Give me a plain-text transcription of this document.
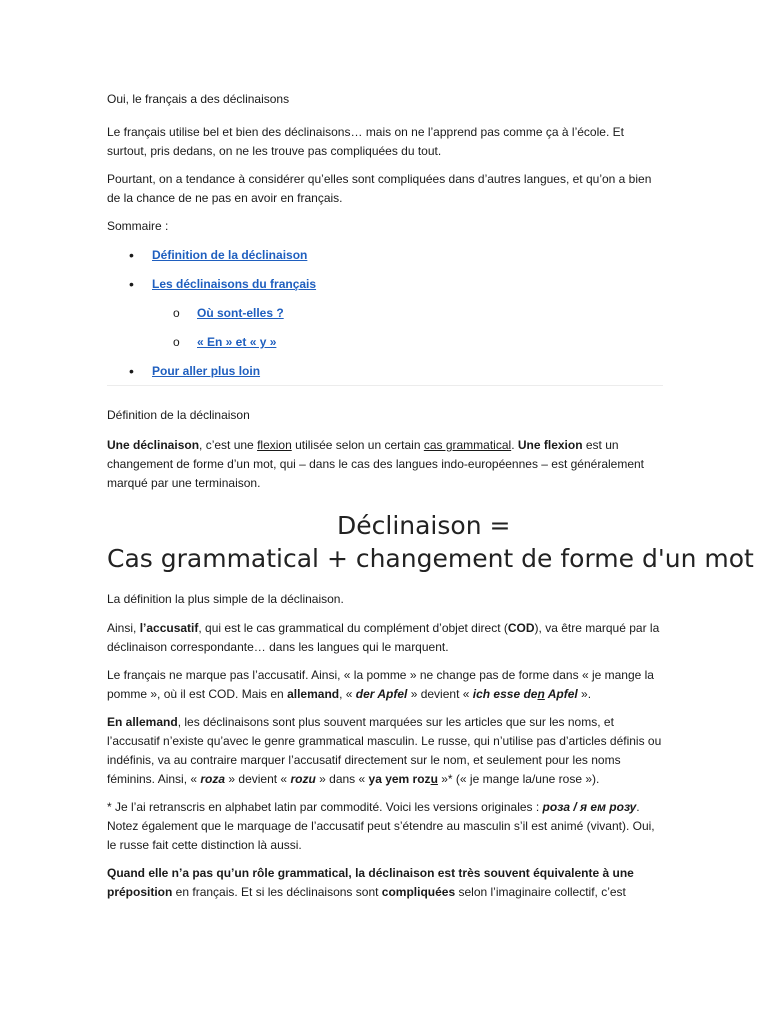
Oui, le français a des déclinaisons

Le français utilise bel et bien des déclinaisons… mais on ne l’apprend pas comme ça à l’école. Et surtout, pris dedans, on ne les trouve pas compliquées du tout.

Pourtant, on a tendance à considérer qu’elles sont compliquées dans d’autres langues, et qu’on a bien de la chance de ne pas en avoir en français.

Sommaire :

• Définition de la déclinaison
• Les déclinaisons du français
o Où sont-elles ?
o « En » et « y »
• Pour aller plus loin

Définition de la déclinaison

Une déclinaison, c’est une flexion utilisée selon un certain cas grammatical. Une flexion est un changement de forme d’un mot, qui – dans le cas des langues indo-européennes – est généralement marqué par une terminaison.

Déclinaison =
Cas grammatical + changement de forme d'un mot

La définition la plus simple de la déclinaison.

Ainsi, l’accusatif, qui est le cas grammatical du complément d’objet direct (COD), va être marqué par la déclinaison correspondante… dans les langues qui le marquent.

Le français ne marque pas l’accusatif. Ainsi, « la pomme » ne change pas de forme dans « je mange la pomme », où il est COD. Mais en allemand, « der Apfel » devient « ich esse den Apfel ».

En allemand, les déclinaisons sont plus souvent marquées sur les articles que sur les noms, et l’accusatif n’existe qu’avec le genre grammatical masculin. Le russe, qui n’utilise pas d’articles définis ou indéfinis, va au contraire marquer l’accusatif directement sur le nom, et seulement pour les noms féminins. Ainsi, « roza » devient « rozu » dans « ya yem rozu »* (« je mange la/une rose »).

* Je l’ai retranscris en alphabet latin par commodité. Voici les versions originales : роза / я ем розу. Notez également que le marquage de l’accusatif peut s’étendre au masculin s’il est animé (vivant). Oui, le russe fait cette distinction là aussi.

Quand elle n’a pas qu’un rôle grammatical, la déclinaison est très souvent équivalente à une préposition en français. Et si les déclinaisons sont compliquées selon l’imaginaire collectif, c’est
